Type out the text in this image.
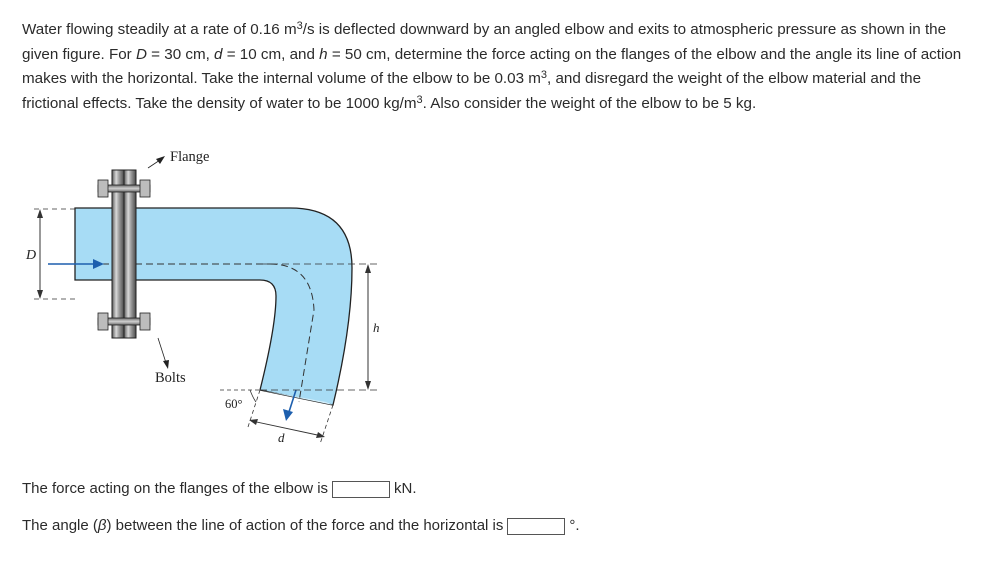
Water flowing steadily at a rate of 0.16 $m^3/s$ is deflected downward by an angled elbow and exits to atmospheric pressure as shown in the given figure. For D = 30 cm, d = 10 cm, and h = 50 cm, determine the force acting on the flanges of the elbow and the angle its line of action makes with the horizontal. Take the internal volume of the elbow to be 0.03 $m^3$, and disregard the weight of the elbow material and the frictional effects. Take the density of water to be 1000 $kg/m^3$. Also consider the weight of the elbow to be 5 kg.

D
Flange
Bolts
h
60°
d
The force acting on the flanges of the elbow is	kN.
The angle ( β ) between the line of action of the force and the horizontal is	°.
